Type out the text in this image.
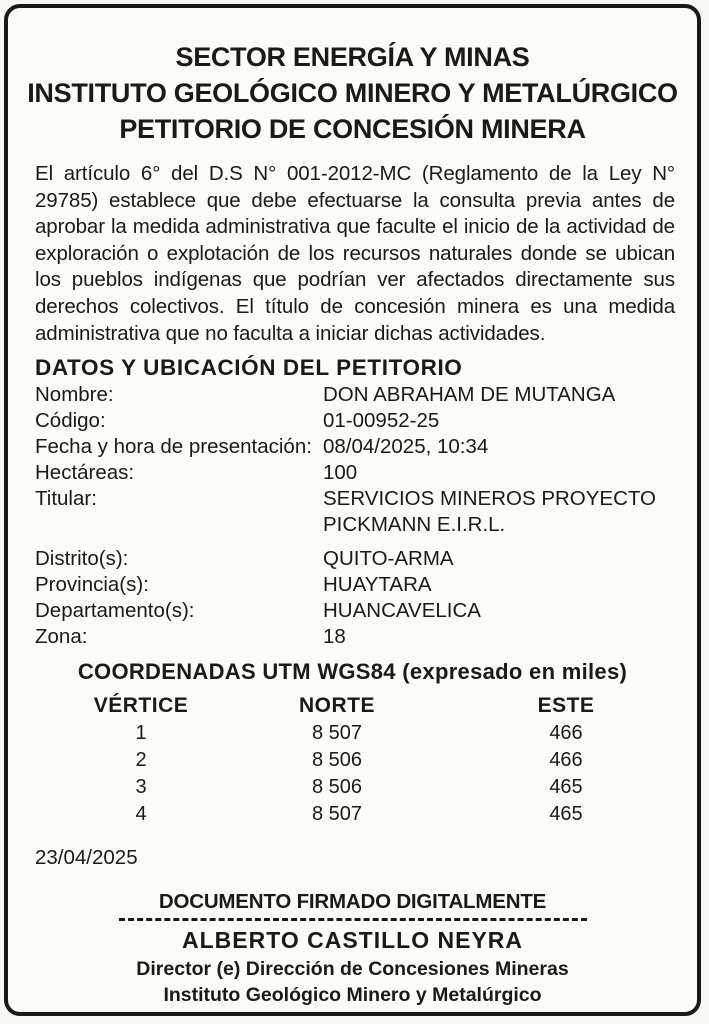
SECTOR ENERGÍA Y MINAS
INSTITUTO GEOLÓGICO MINERO Y METALÚRGICO
PETITORIO DE CONCESIÓN MINERA
El artículo 6° del D.S N° 001-2012-MC (Reglamento de la Ley N° 29785) establece que debe efectuarse la consulta previa antes de aprobar la medida administrativa que faculte el inicio de la actividad de exploración o explotación de los recursos naturales donde se ubican los pueblos indígenas que podrían ver afectados directamente sus derechos colectivos. El título de concesión minera es una medida administrativa que no faculta a iniciar dichas actividades.
DATOS Y UBICACIÓN DEL PETITORIO
Nombre:	DON ABRAHAM DE MUTANGA
Código:	01-00952-25
Fecha y hora de presentación: 08/04/2025, 10:34
Hectáreas:	100
Titular:	SERVICIOS MINEROS PROYECTO
PICKMANN E.I.R.L.
Distrito(s):	QUITO-ARMA
Provincia(s):	HUAYTARA
Departamento(s):	HUANCAVELICA
Zona:	18
COORDENADAS UTM WGS84 (expresado en miles)
VÉRTICE	NORTE	ESTE
1	8 507	466
2	8 506	466
3	8 506	465
4	8 507	465
23/04/2025
DOCUMENTO FIRMADO DIGITALMENTE
ALBERTO CASTILLO NEYRA
Director (e) Dirección de Concesiones Mineras
Instituto Geológico Minero y Metalúrgico
